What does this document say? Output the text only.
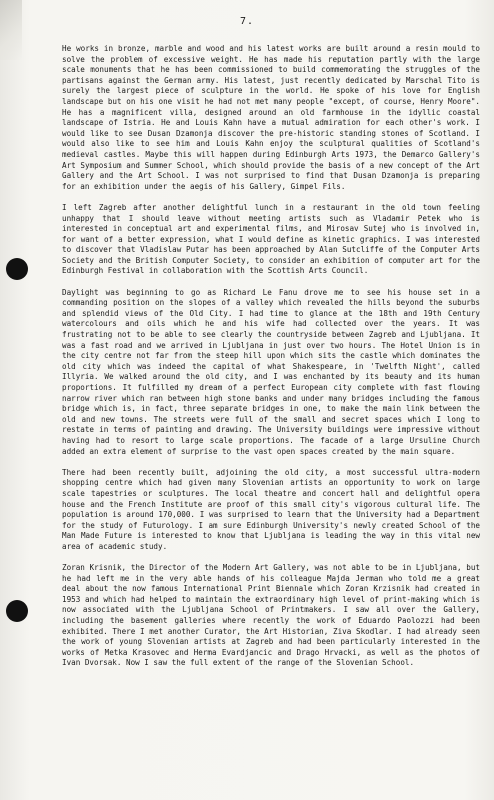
7.

He works in bronze, marble and wood and his latest works are built around a resin mould to solve the problem of excessive weight. He has made his reputation partly with the large scale monuments that he has been commissioned to build commemorating the struggles of the partisans against the German army. His latest, just recently dedicated by Marschal Tito is surely the largest piece of sculpture in the world. He spoke of his love for English landscape but on his one visit he had not met many people "except, of course, Henry Moore". He has a magnificent villa, designed around an old farmhouse in the idyllic coastal landscape of Istria. He and Louis Kahn have a mutual admiration for each other's work. I would like to see Dusan Dzamonja discover the pre-historic standing stones of Scotland. I would also like to see him and Louis Kahn enjoy the sculptural qualities of Scotland's medieval castles. Maybe this will happen during Edinburgh Arts 1973, the Demarco Gallery's Art Symposium and Summer School, which should provide the basis of a new concept of the Art Gallery and the Art School. I was not surprised to find that Dusan Dzamonja is preparing for an exhibition under the aegis of his Gallery, Gimpel Fils.

I left Zagreb after another delightful lunch in a restaurant in the old town feeling unhappy that I should leave without meeting artists such as Vladamir Petek who is interested in conceptual art and experimental films, and Mirosav Sutej who is involved in, for want of a better expression, what I would define as kinetic graphics. I was interested to discover that Vladislaw Putar has been approached by Alan Sutcliffe of the Computer Arts Society and the British Computer Society, to consider an exhibition of computer art for the Edinburgh Festival in collaboration with the Scottish Arts Council.

Daylight was beginning to go as Richard Le Fanu drove me to see his house set in a commanding position on the slopes of a valley which revealed the hills beyond the suburbs and splendid views of the Old City. I had time to glance at the 18th and 19th Century watercolours and oils which he and his wife had collected over the years. It was frustrating not to be able to see clearly the countryside between Zagreb and Ljubljana. It was a fast road and we arrived in Ljubljana in just over two hours. The Hotel Union is in the city centre not far from the steep hill upon which sits the castle which dominates the old city which was indeed the capital of what Shakespeare, in 'Twelfth Night', called Illyria. We walked around the old city, and I was enchanted by its beauty and its human proportions. It fulfilled my dream of a perfect European city complete with fast flowing narrow river which ran between high stone banks and under many bridges including the famous bridge which is, in fact, three separate bridges in one, to make the main link between the old and new towns. The streets were full of the small and secret spaces which I long to restate in terms of painting and drawing. The University buildings were impressive without having had to resort to large scale proportions. The facade of a large Ursuline Church added an extra element of surprise to the vast open spaces created by the main square.

There had been recently built, adjoining the old city, a most successful ultra-modern shopping centre which had given many Slovenian artists an opportunity to work on large scale tapestries or sculptures. The local theatre and concert hall and delightful opera house and the French Institute are proof of this small city's vigorous cultural life. The population is around 170,000. I was surprised to learn that the University had a Department for the study of Futurology. I am sure Edinburgh University's newly created School of the Man Made Future is interested to know that Ljubljana is leading the way in this vital new area of academic study.

Zoran Krisnik, the Director of the Modern Art Gallery, was not able to be in Ljubljana, but he had left me in the very able hands of his colleague Majda Jerman who told me a great deal about the now famous International Print Biennale which Zoran Krzisnik had created in 1953 and which had helped to maintain the extraordinary high level of print-making which is now associated with the Ljubljana School of Printmakers. I saw all over the Gallery, including the basement galleries where recently the work of Eduardo Paolozzi had been exhibited. There I met another Curator, the Art Historian, Ziva Skodlar. I had already seen the work of young Slovenian artists at Zagreb and had been particularly interested in the works of Metka Krasovec and Herma Evardjancic and Drago Hrvacki, as well as the photos of Ivan Dvorsak. Now I saw the full extent of the range of the Slovenian School.
